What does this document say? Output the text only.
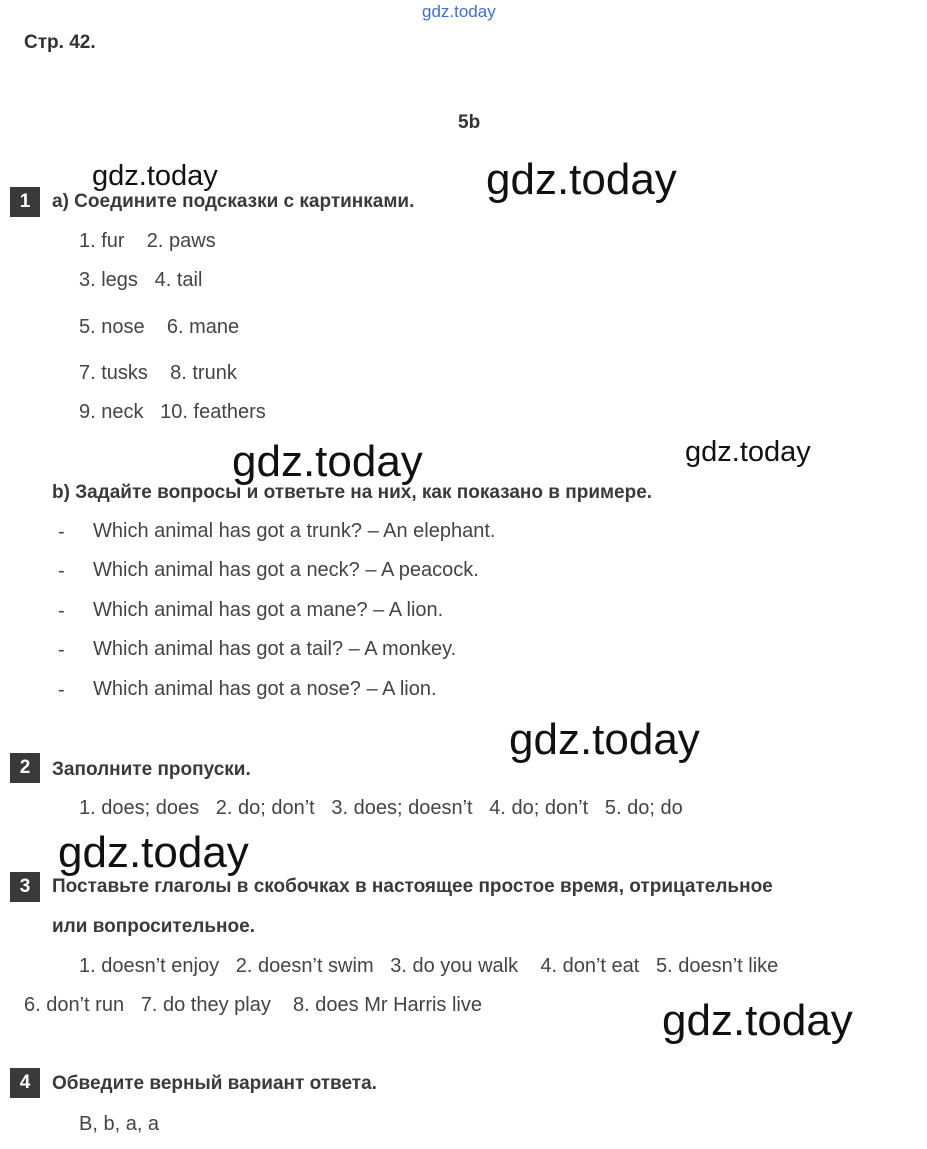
gdz.today
gdz.today	gdz.today
gdz.today	gdz.today
gdz.today
gdz.today
gdz.today
Стр. 42.
5b
1	a) Соедините подсказки с картинками.
1. fur    2. paws
3. legs   4. tail
5. nose    6. mane
7. tusks    8. trunk
9. neck   10. feathers
b) Задайте вопросы и ответьте на них, как показано в примере.
- Which animal has got a trunk? – An elephant.
- Which animal has got a neck? – A peacock.
- Which animal has got a mane? – A lion.
- Which animal has got a tail? – A monkey.
- Which animal has got a nose? – A lion.
2	Заполните пропуски.
1. does; does   2. do; don’t   3. does; doesn’t   4. do; don’t   5. do; do
3	Поставьте глаголы в скобочках в настоящее простое время, отрицательное
или вопросительное.
1. doesn’t enjoy   2. doesn’t swim   3. do you walk    4. don’t eat   5. doesn’t like
6. don’t run   7. do they play    8. does Mr Harris live
4	Обведите верный вариант ответа.
B, b, a, a
